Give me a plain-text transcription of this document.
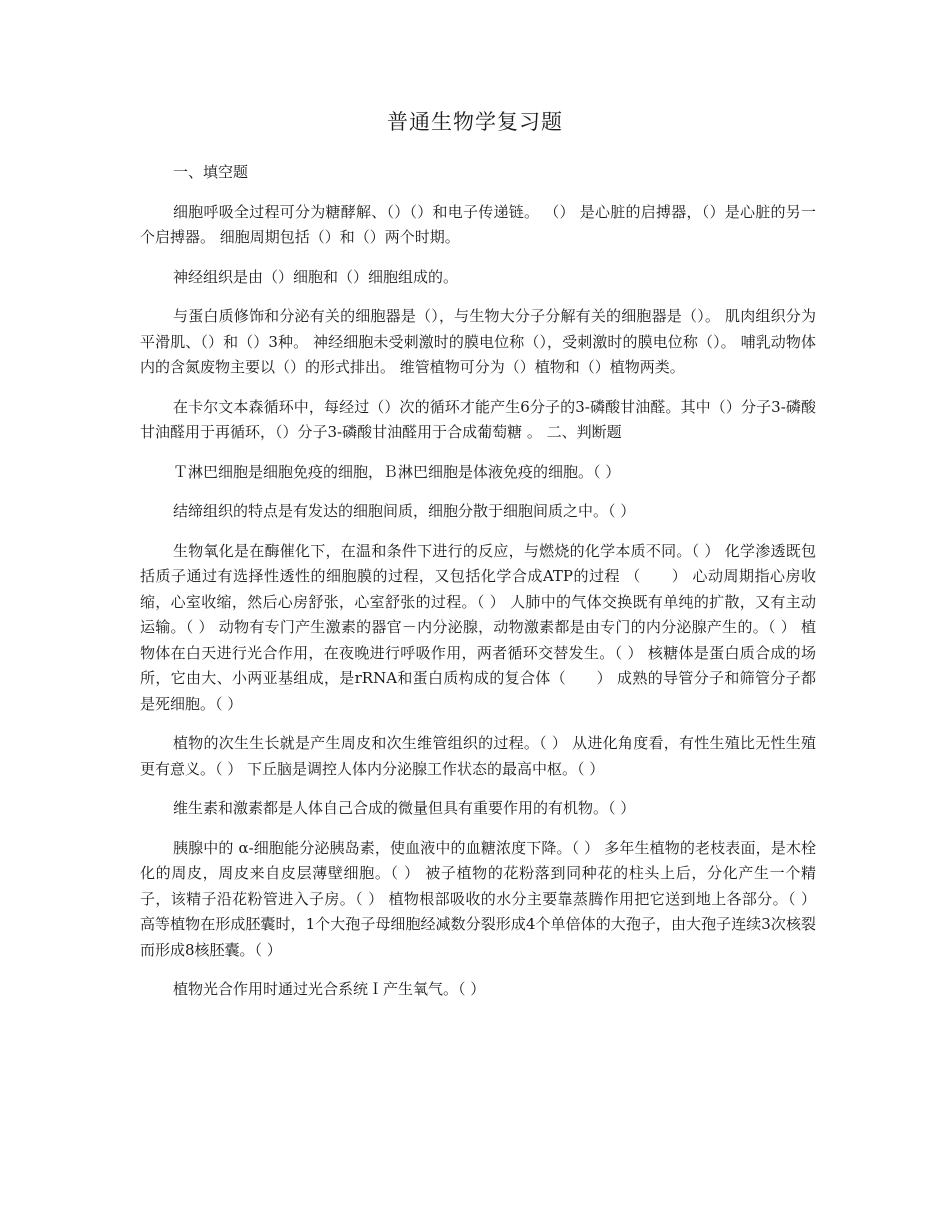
普通生物学复习题

一、填空题

细胞呼吸全过程可分为糖酵解、（）（）和电子传递链。 （） 是心脏的启搏器，（）是心脏的另一个启搏器。 细胞周期包括（）和（）两个时期。

神经组织是由（）细胞和（）细胞组成的。

与蛋白质修饰和分泌有关的细胞器是（），与生物大分子分解有关的细胞器是（）。 肌肉组织分为平滑肌、（）和（）3种。 神经细胞未受刺激时的膜电位称（），受刺激时的膜电位称（）。 哺乳动物体内的含氮废物主要以（）的形式排出。 维管植物可分为（）植物和（）植物两类。

在卡尔文本森循环中，每经过（）次的循环才能产生6分子的3-磷酸甘油醛。其中（）分子3-磷酸甘油醛用于再循环，（）分子3-磷酸甘油醛用于合成葡萄糖 。 二、判断题

Ｔ淋巴细胞是细胞免疫的细胞，Ｂ淋巴细胞是体液免疫的细胞。（ ）

结缔组织的特点是有发达的细胞间质，细胞分散于细胞间质之中。（ ）

生物氧化是在酶催化下，在温和条件下进行的反应，与燃烧的化学本质不同。（ ） 化学渗透既包括质子通过有选择性透性的细胞膜的过程，又包括化学合成ATP的过程 （　　） 心动周期指心房收缩，心室收缩，然后心房舒张，心室舒张的过程。（ ） 人肺中的气体交换既有单纯的扩散，又有主动运输。（ ） 动物有专门产生激素的器官－内分泌腺，动物激素都是由专门的内分泌腺产生的。（ ） 植物体在白天进行光合作用，在夜晚进行呼吸作用，两者循环交替发生。（ ） 核糖体是蛋白质合成的场所，它由大、小两亚基组成，是rRNA和蛋白质构成的复合体（　　） 成熟的导管分子和筛管分子都是死细胞。（ ）

植物的次生生长就是产生周皮和次生维管组织的过程。（ ） 从进化角度看，有性生殖比无性生殖更有意义。（ ） 下丘脑是调控人体内分泌腺工作状态的最高中枢。（ ）

维生素和激素都是人体自己合成的微量但具有重要作用的有机物。（ ）

胰腺中的 α-细胞能分泌胰岛素，使血液中的血糖浓度下降。（ ） 多年生植物的老枝表面，是木栓化的周皮，周皮来自皮层薄壁细胞。（ ） 被子植物的花粉落到同种花的柱头上后，分化产生一个精子，该精子沿花粉管进入子房。（ ） 植物根部吸收的水分主要靠蒸腾作用把它送到地上各部分。（ ） 高等植物在形成胚囊时，1个大孢子母细胞经减数分裂形成4个单倍体的大孢子，由大孢子连续3次核裂而形成8核胚囊。（ ）

植物光合作用时通过光合系统Ｉ产生氧气。（ ）
